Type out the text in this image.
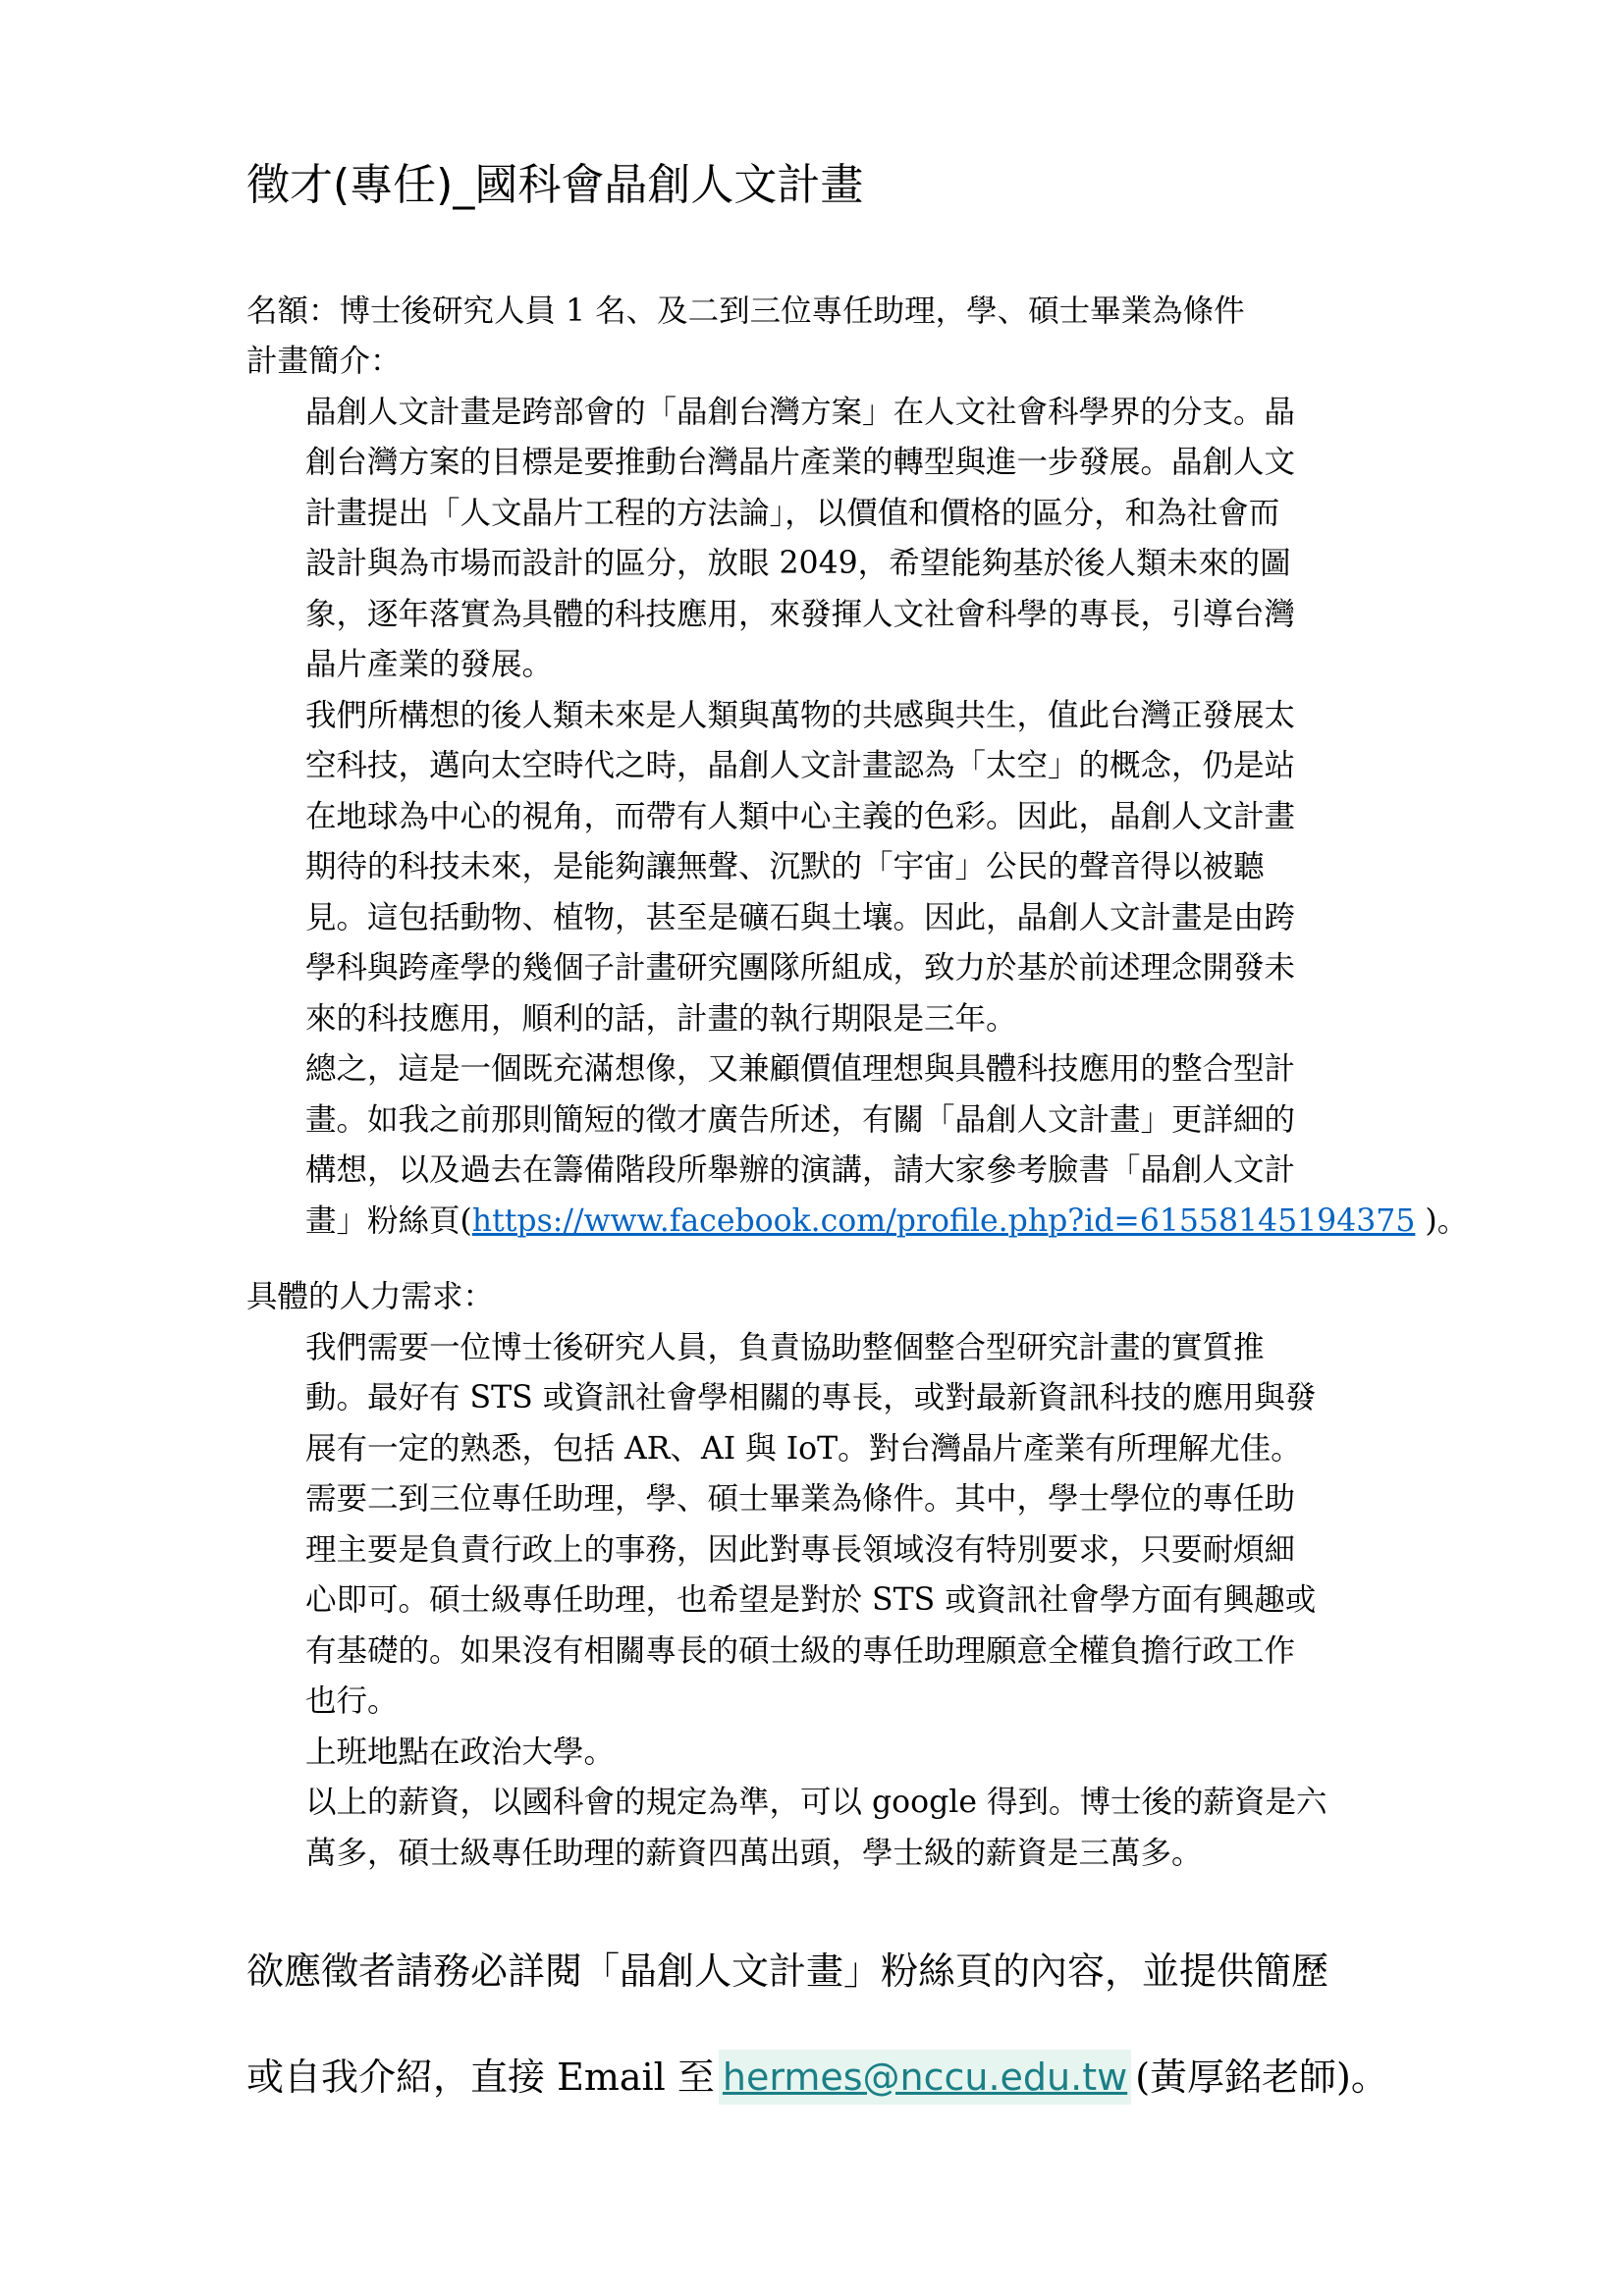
徵才(專任)_國科會晶創人文計畫
名額：博士後研究人員 1 名、及二到三位專任助理，學、碩士畢業為條件
計畫簡介：
晶創人文計畫是跨部會的「晶創台灣方案」在人文社會科學界的分支。晶
創台灣方案的目標是要推動台灣晶片產業的轉型與進一步發展。晶創人文
計畫提出「人文晶片工程的方法論」，以價值和價格的區分，和為社會而
設計與為市場而設計的區分，放眼 2049，希望能夠基於後人類未來的圖
象，逐年落實為具體的科技應用，來發揮人文社會科學的專長，引導台灣
晶片產業的發展。
我們所構想的後人類未來是人類與萬物的共感與共生，值此台灣正發展太
空科技，邁向太空時代之時，晶創人文計畫認為「太空」的概念，仍是站
在地球為中心的視角，而帶有人類中心主義的色彩。因此，晶創人文計畫
期待的科技未來，是能夠讓無聲、沉默的「宇宙」公民的聲音得以被聽
見。這包括動物、植物，甚至是礦石與土壤。因此，晶創人文計畫是由跨
學科與跨產學的幾個子計畫研究團隊所組成，致力於基於前述理念開發未
來的科技應用，順利的話，計畫的執行期限是三年。
總之，這是一個既充滿想像，又兼顧價值理想與具體科技應用的整合型計
畫。如我之前那則簡短的徵才廣告所述，有關「晶創人文計畫」更詳細的
構想，以及過去在籌備階段所舉辦的演講，請大家參考臉書「晶創人文計
畫」粉絲頁(https://www.facebook.com/profile.php?id=61558145194375 )。
具體的人力需求：
我們需要一位博士後研究人員，負責協助整個整合型研究計畫的實質推
動。最好有 STS 或資訊社會學相關的專長，或對最新資訊科技的應用與發
展有一定的熟悉，包括 AR、AI 與 IoT。對台灣晶片產業有所理解尤佳。
需要二到三位專任助理，學、碩士畢業為條件。其中，學士學位的專任助
理主要是負責行政上的事務，因此對專長領域沒有特別要求，只要耐煩細
心即可。碩士級專任助理，也希望是對於 STS 或資訊社會學方面有興趣或
有基礎的。如果沒有相關專長的碩士級的專任助理願意全權負擔行政工作
也行。
上班地點在政治大學。
以上的薪資，以國科會的規定為準，可以 google 得到。博士後的薪資是六
萬多，碩士級專任助理的薪資四萬出頭，學士級的薪資是三萬多。
欲應徵者請務必詳閱「晶創人文計畫」粉絲頁的內容，並提供簡歷
或自我介紹，直接 Email 至 hermes@nccu.edu.tw (黃厚銘老師)。
